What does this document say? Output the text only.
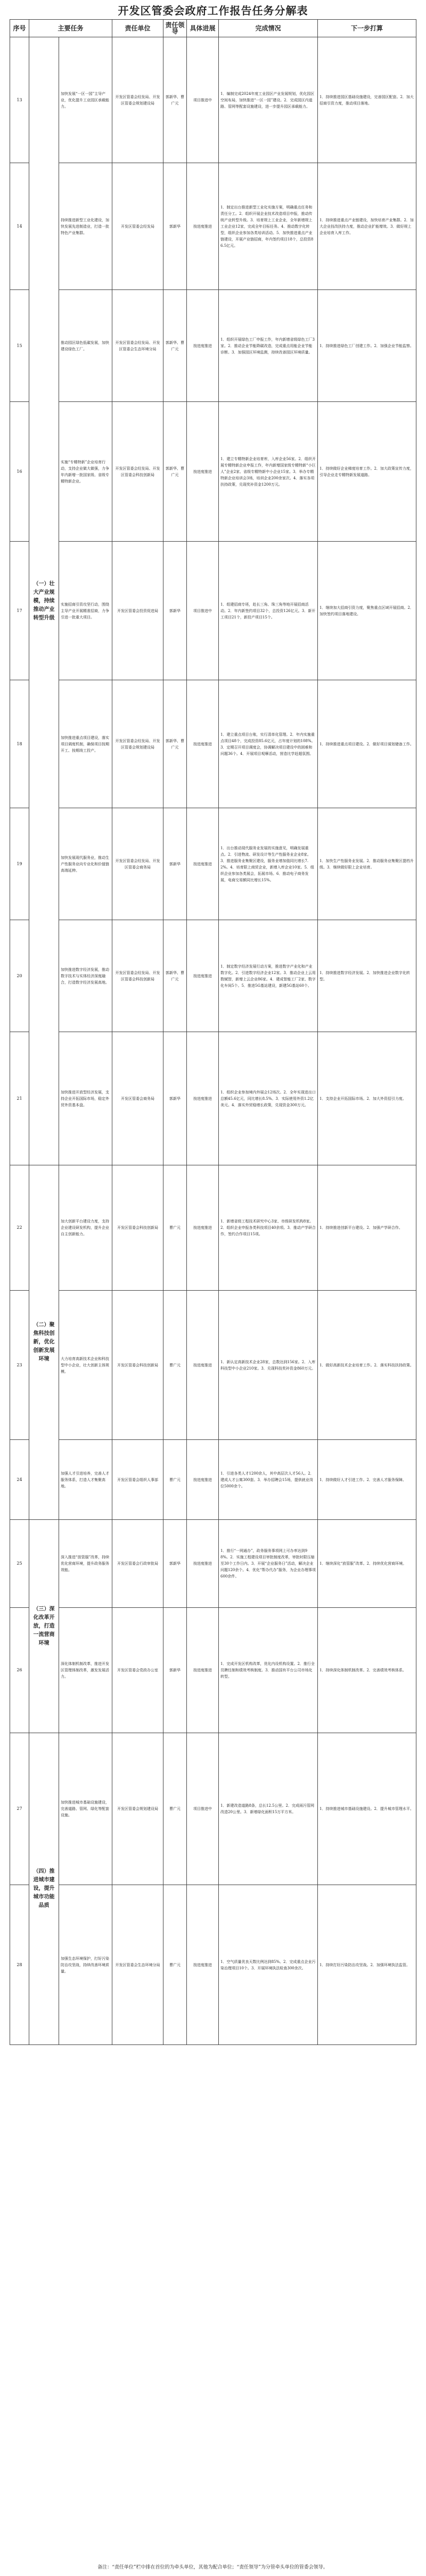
开发区管委会政府工作报告任务分解表
序号	主要任务		责任单位	责任领导	具体进展	完成情况	下一步打算
13	（一）壮大产业规模，持续推动产业转型升级	加快发展“一区一园”主导产业，优化提升工业园区承载能力。	开发区管委会经发局、开发区管委会规划建设局	郭新华、曹广元	项目推进中	1．编制完成2024年度工业园区产业发展规划，优化园区空间布局，加快推进“一区一园”建设。2．完成园区内道路、管网等配套设施建设，进一步提升园区承载能力。	1．持续推进园区基础设施建设，完善园区配套。2．加大招商引资力度，推动项目落地。
14		持续推进新型工业化建设，加快发展先进制造业，打造一批特色产业集群。	开发区管委会经发局	郭新华	按进度推进	1．制定出台推进新型工业化实施方案，明确重点任务和责任分工。2．组织开展企业技术改造项目申报，推动传统产业转型升级。3．培育规上工业企业，全年新增规上工业企业12家，完成全年目标任务。4．推动数字化转型，组织企业参加各类培训活动。5．加快推进重点产业链建设，开展产业链招商，年内签约项目18个，总投资86.5亿元。	1．持续推进重点产业链建设，加快培育产业集群。2．加大企业技改扶持力度，推动企业扩能增效。3．做好规上企业培育入库工作。
15		推动园区绿色低碳发展，加快建设绿色工厂。	开发区管委会经发局、开发区管委会生态环境分局	郭新华、曹广元	按进度推进	1．组织开展绿色工厂申报工作，年内新增省级绿色工厂3家。2．推动企业节能降碳改造，完成重点用能企业节能诊断。3．加强园区环境监测，持续改善园区环境质量。	1．持续推进绿色工厂创建工作。2．加强企业节能监察。
16		实施“专精特新”企业培育行动，支持企业做大做强，力争年内新增一批国家级、省级专精特新企业。	开发区管委会经发局、开发区管委会科技创新局	郭新华、曹广元	按进度推进	1．建立专精特新企业培育库，入库企业56家。2．组织开展专精特新企业申报工作，年内新增国家级专精特新“小巨人”企业2家、省级专精特新中小企业15家。3．举办专精特新企业培训会3场，培训企业200余家次。4．落实各项扶持政策，兑现奖补资金1200万元。	1．持续做好企业梯度培育工作。2．加大政策宣传力度，引导企业走专精特新发展道路。
17		实施招商引资攻坚行动，围绕主导产业开展精准招商，力争引进一批重大项目。	开发区管委会投资促进局	郭新华	项目推进中	1．组建招商专班，赴长三角、珠三角等地开展招商活动。2．年内新签约项目32个，总投资126亿元。3．新开工项目21个，新投产项目15个。	1．继续加大招商引资力度，聚焦重点区域开展招商。2．加快签约项目落地建设。
18		加快推进重点项目建设，落实项目调度机制，确保项目按期开工、按期竣工投产。	开发区管委会经发局、开发区管委会规划建设局	郭新华、曹广元	按进度推进	1．建立重点项目台账，实行清单化管理。2．年内实施重点项目48个，完成投资85.6亿元，占年度计划的108%。3．定期召开项目调度会，协调解决项目建设中的困难和问题36个。4．开展项目观摩活动，营造比学赶超氛围。	1．持续推进重点项目建设。2．做好项目谋划储备工作。
19		加快发展现代服务业，推动生产性服务业向专业化和价值链高端延伸。	开发区管委会经发局、开发区管委会商务局	郭新华	按进度推进	1．出台推动现代服务业发展的实施意见，明确发展重点。2．引进物流、研发设计等生产性服务业企业8家。3．推进服务业集聚区建设，服务业增加值同比增长7.2%。4．培育限上商贸企业，新增入库企业10家。5．组织企业参加各类展会，拓展市场。6．推动电子商务发展，电商交易额同比增长15%。	1．加快生产性服务业发展。2．推动服务业集聚区提档升级。3．继续做好限上企业培育。
20		加快推进数字经济发展，推动数字技术与实体经济深度融合，打造数字经济发展高地。	开发区管委会经发局、开发区管委会科技创新局	郭新华、曹广元	按进度推进	1．制定数字经济发展行动方案，推进数字产业化和产业数字化。2．引进数字经济企业12家。3．推动企业上云用数赋智，新增上云企业86家。4．建成智能工厂2家、数字化车间5个。5．推进5G基站建设，新建5G基站60个。	1．持续推进数字经济发展。2．加快推进企业数字化转型。
21		加快推进开放型经济发展，支持企业开拓国际市场，稳定外贸外资基本盘。	开发区管委会商务局	郭新华	按进度推进	1．组织企业参加境内外展会12场次。2．全年实现进出口总额45.6亿元，同比增长8.5%。3．实际使用外资1.2亿美元。4．落实外贸稳增长政策，兑现资金300万元。	1．支持企业开拓国际市场。2．加大外资招引力度。
22	（二）聚焦科技创新，优化创新发展环境	加大创新平台建设力度，支持企业建设研发机构，提升企业自主创新能力。	开发区管委会科技创新局	曹广元	按进度推进	1．新增省级工程技术研究中心3家、市级研发机构8家。2．组织企业申报各类科技项目40余项。3．推动产学研合作，签约合作项目15项。	1．持续推进创新平台建设。2．加强产学研合作。
23		大力培育高新技术企业和科技型中小企业，壮大创新主体规模。	开发区管委会科技创新局	曹广元	按进度推进	1．新认定高新技术企业28家，总数达到156家。2．入库科技型中小企业210家。3．兑现科技奖补资金860万元。	1．做好高新技术企业培育工作。2．落实科技扶持政策。
24		加强人才引进培养，完善人才服务体系，打造人才集聚高地。	开发区管委会组织人事部	曹广元	按进度推进	1．引进各类人才1200余人，其中高层次人才56人。2．建成人才公寓300套。3．举办招聘会15场，提供就业岗位5000余个。	1．持续做好人才引进工作。2．完善人才服务保障。
25	（三）深化改革开放，打造一流营商环境	深入推进“放管服”改革，持续优化营商环境，提升政务服务效能。	开发区管委会行政审批局	郭新华	按进度推进	1．推行“一网通办”，政务服务事项网上可办率达到98%。2．实施工程建设项目审批制度改革，审批时限压缩至30个工作日内。3．开展“企业服务日”活动，解决企业问题120余个。4．优化“帮办代办”服务，为企业办理事项600余件。	1．继续深化“放管服”改革。2．持续优化营商环境。
26		深化体制机制改革，推进开发区管理体制改革，激发发展活力。	开发区管委会党政办公室	郭新华	按进度推进	1．完成开发区机构改革，优化内设机构设置。2．推行全员聘任制和绩效考核制度。3．推动国有平台公司市场化转型。	1．持续深化体制机制改革。2．完善绩效考核体系。
27	（四）推进城市建设，提升城市功能品质	加快推进城市基础设施建设，完善道路、管网、绿化等配套设施。	开发区管委会规划建设局	曹广元	项目推进中	1．新建改造道路8条，总长12.5公里。2．完成雨污管网改造20公里。3．新增绿化面积15万平方米。	1．持续推进城市基础设施建设。2．提升城市管理水平。
28		加强生态环境保护，打好污染防治攻坚战，持续改善环境质量。	开发区管委会生态环境分局	曹广元	按进度推进	1．空气质量优良天数比例达到85%。2．完成重点企业污染治理项目10个。3．开展环境执法检查300余次。	1．持续打好污染防治攻坚战。2．加强环境执法监管。
备注：“责任单位”栏中排在首位的为牵头单位，其他为配合单位；“责任领导”为分管牵头单位的管委会领导。
